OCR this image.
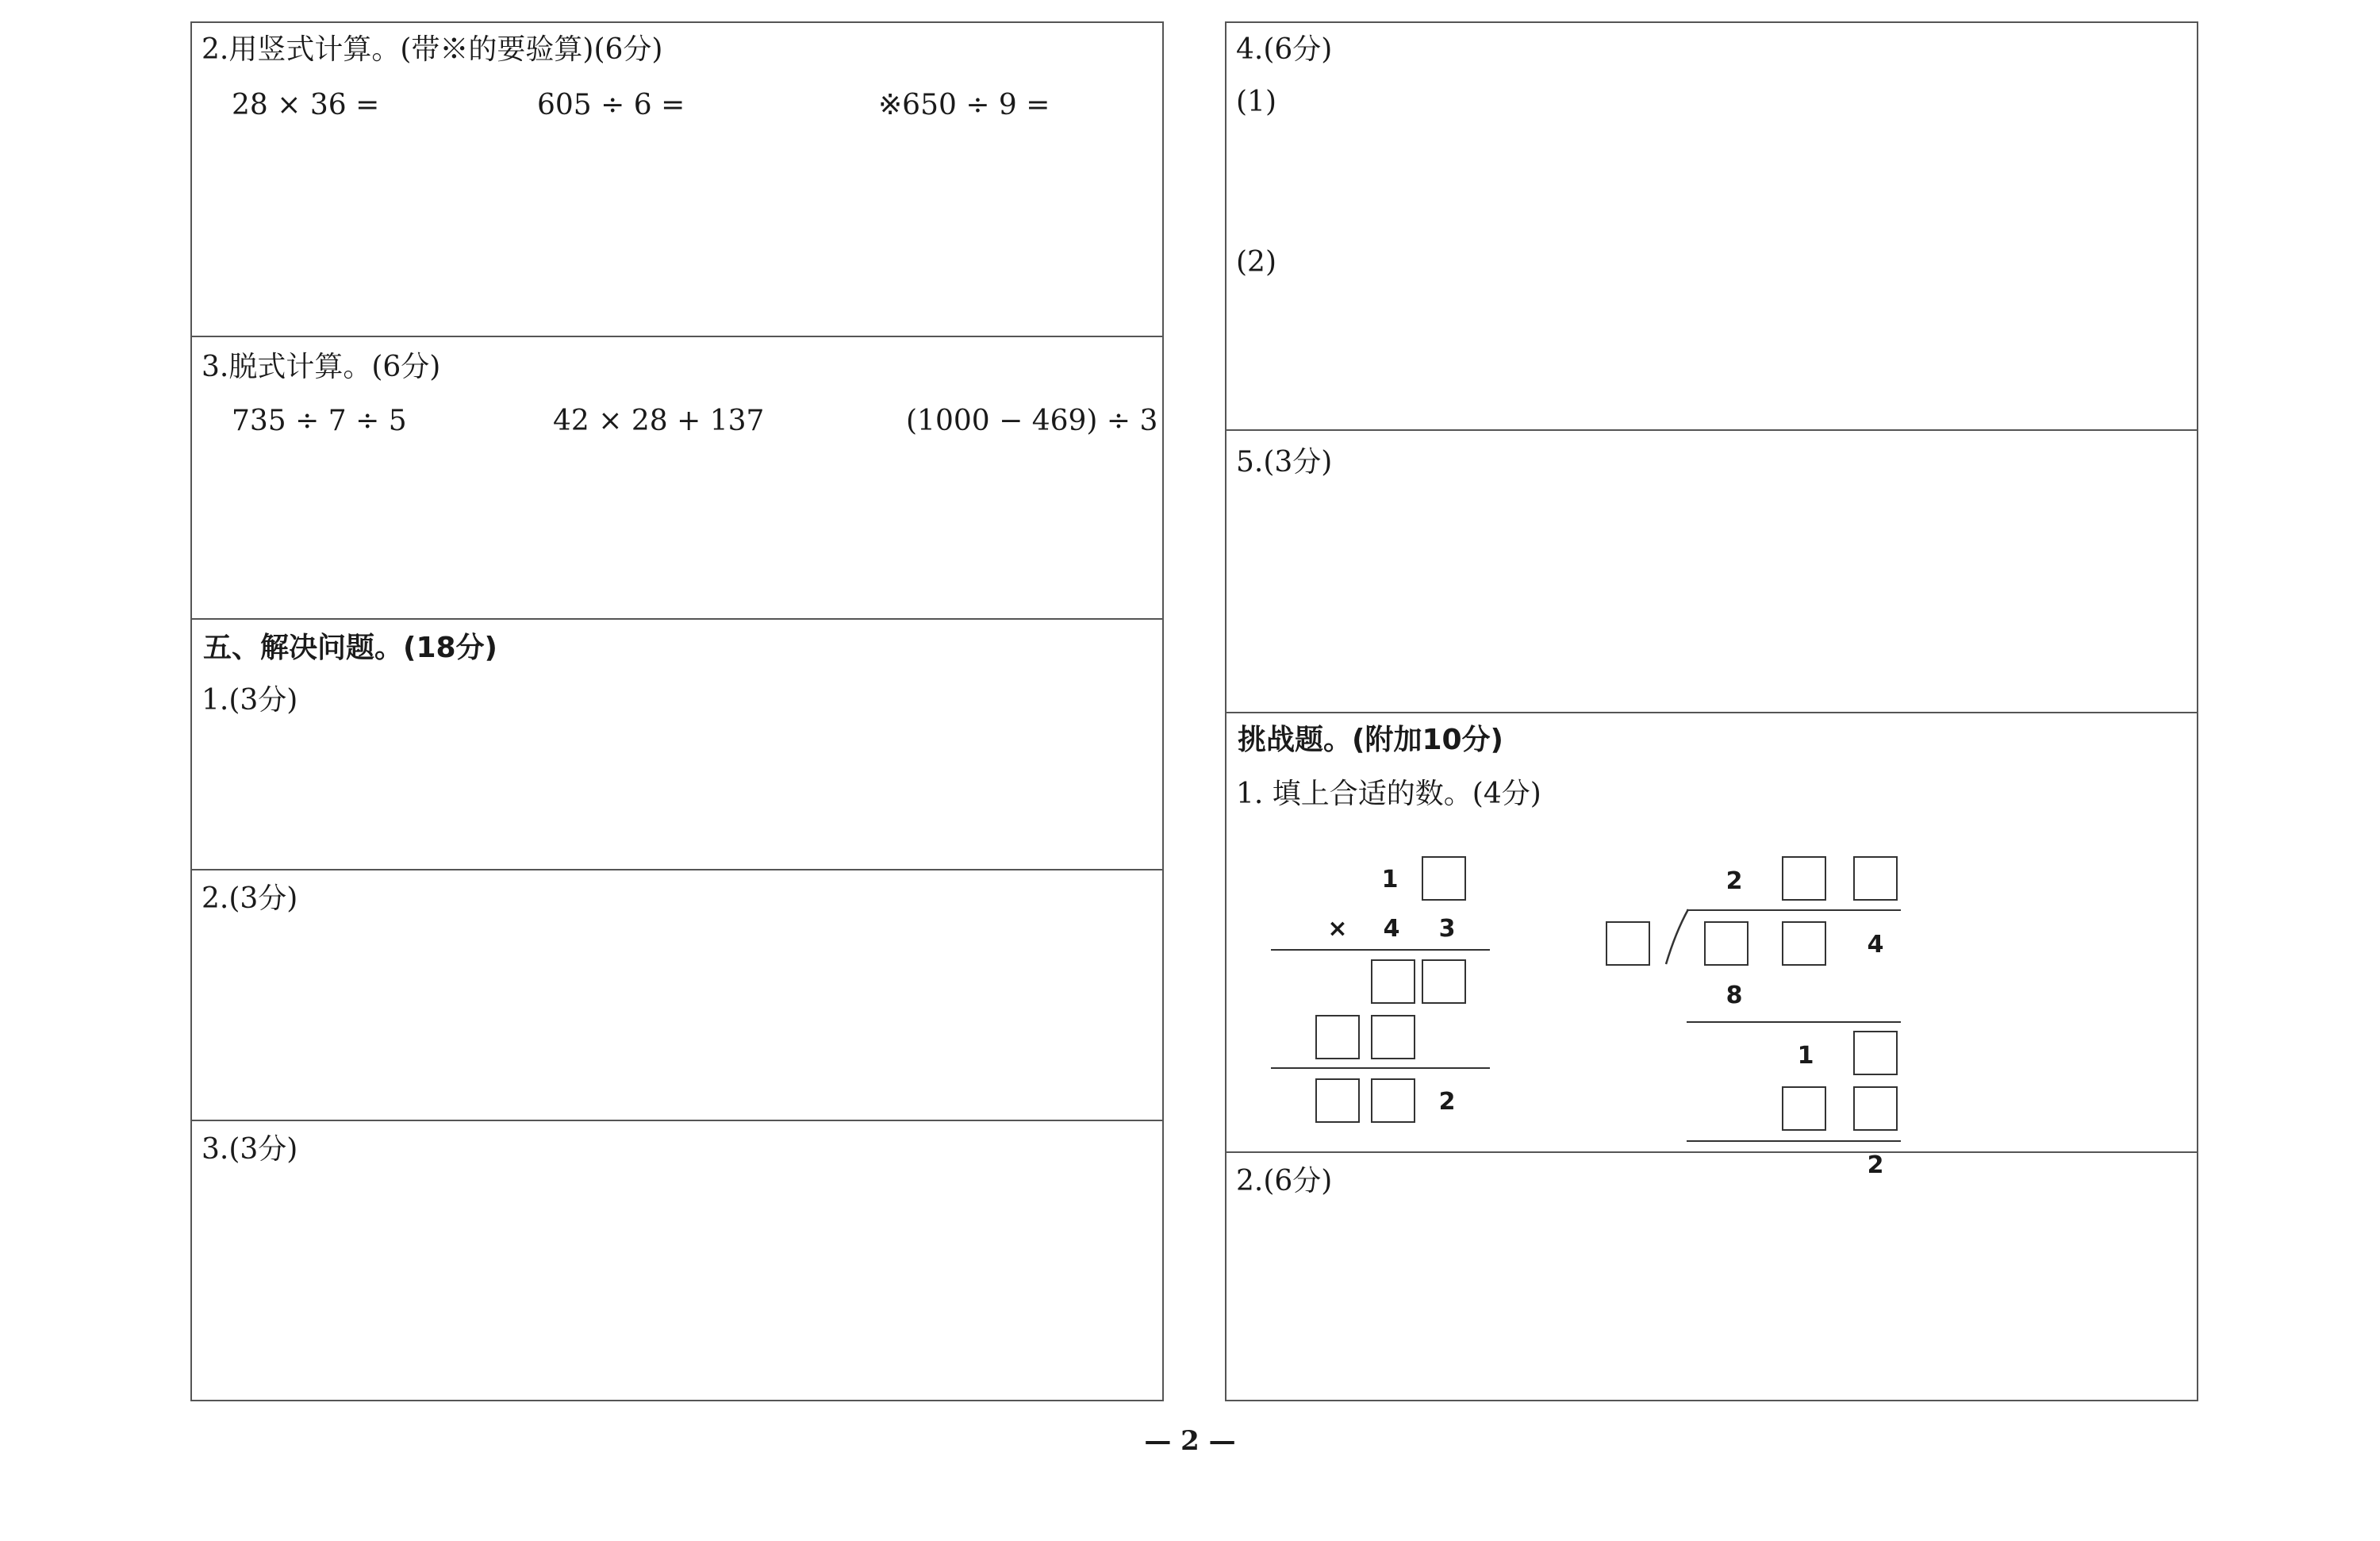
2.用竖式计算。(带※的要验算)(6分)
28 × 36 =	605 ÷ 6 =	※650 ÷ 9 =
3.脱式计算。(6分)
735 ÷ 7 ÷ 5	42 × 28 + 137	(1000 − 469) ÷ 3
五、解决问题。(18分)
1.(3分)
2.(3分)
3.(3分)
4.(6分)
(1)
(2)
5.(3分)
挑战题。(附加10分)
1. 填上合适的数。(4分)
1
×	4	3
2
2
4
8
1
2
2.(6分)
— 2 —
